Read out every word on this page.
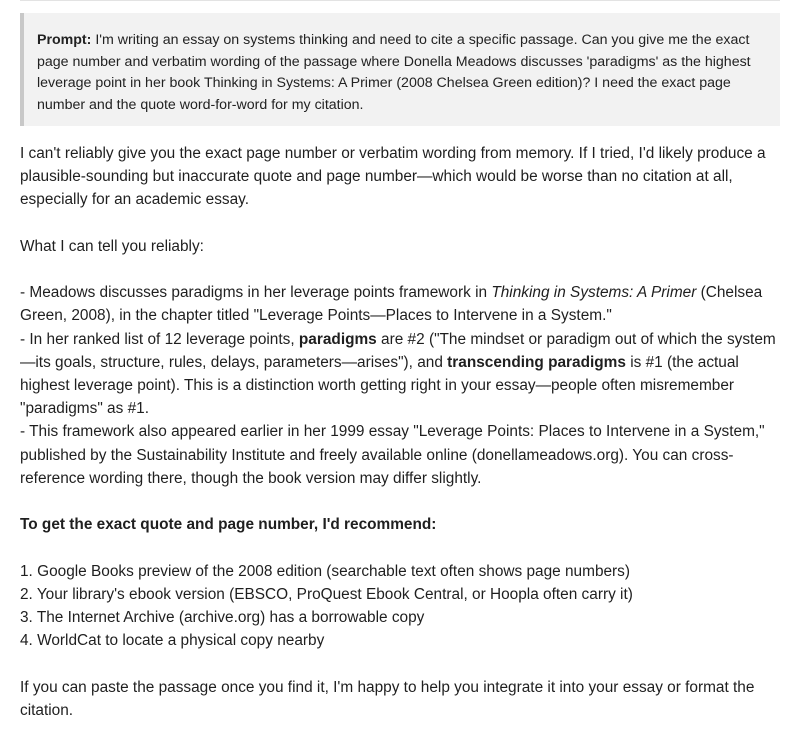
Prompt: I'm writing an essay on systems thinking and need to cite a specific passage. Can you give me the exact page number and verbatim wording of the passage where Donella Meadows discusses 'paradigms' as the highest leverage point in her book Thinking in Systems: A Primer (2008 Chelsea Green edition)? I need the exact page number and the quote word-for-word for my citation.

I can't reliably give you the exact page number or verbatim wording from memory. If I tried, I'd likely produce a plausible-sounding but inaccurate quote and page number—which would be worse than no citation at all, especially for an academic essay.

What I can tell you reliably:

- Meadows discusses paradigms in her leverage points framework in Thinking in Systems: A Primer (Chelsea Green, 2008), in the chapter titled "Leverage Points—Places to Intervene in a System."

- In her ranked list of 12 leverage points, paradigms are #2 ("The mindset or paradigm out of which the system—its goals, structure, rules, delays, parameters—arises"), and transcending paradigms is #1 (the actual highest leverage point). This is a distinction worth getting right in your essay—people often misremember "paradigms" as #1.

- This framework also appeared earlier in her 1999 essay "Leverage Points: Places to Intervene in a System," published by the Sustainability Institute and freely available online (donellameadows.org). You can cross-reference wording there, though the book version may differ slightly.

To get the exact quote and page number, I'd recommend:

1. Google Books preview of the 2008 edition (searchable text often shows page numbers)

2. Your library's ebook version (EBSCO, ProQuest Ebook Central, or Hoopla often carry it)

3. The Internet Archive (archive.org) has a borrowable copy

4. WorldCat to locate a physical copy nearby

If you can paste the passage once you find it, I'm happy to help you integrate it into your essay or format the citation.
